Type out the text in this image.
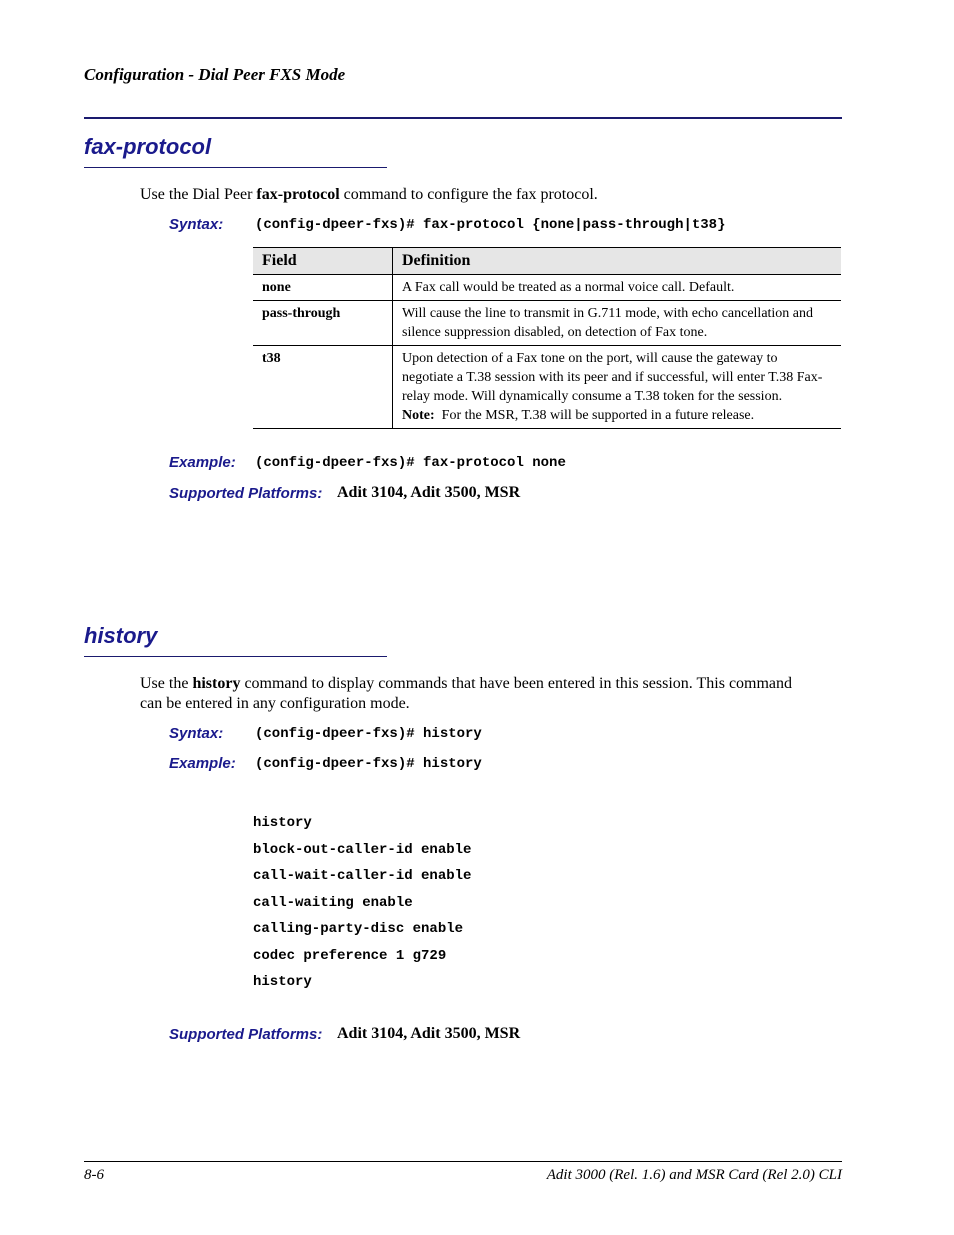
Configuration - Dial Peer FXS Mode
fax-protocol
Use the Dial Peer fax-protocol command to configure the fax protocol.
Syntax: (config-dpeer-fxs)# fax-protocol {none|pass-through|t38}
Field	Definition
none	A Fax call would be treated as a normal voice call. Default.
pass-through	Will cause the line to transmit in G.711 mode, with echo cancellation and silence suppression disabled, on detection of Fax tone.
t38	Upon detection of a Fax tone on the port, will cause the gateway to negotiate a T.38 session with its peer and if successful, will enter T.38 Fax-relay mode. Will dynamically consume a T.38 token for the session.
Note: For the MSR, T.38 will be supported in a future release.
Example: (config-dpeer-fxs)# fax-protocol none
Supported Platforms: Adit 3104, Adit 3500, MSR
history
Use the history command to display commands that have been entered in this session. This command
can be entered in any configuration mode.
Syntax: (config-dpeer-fxs)# history
Example: (config-dpeer-fxs)# history
history
block-out-caller-id enable
call-wait-caller-id enable
call-waiting enable
calling-party-disc enable
codec preference 1 g729
history
Supported Platforms: Adit 3104, Adit 3500, MSR
8-6	Adit 3000 (Rel. 1.6) and MSR Card (Rel 2.0) CLI
